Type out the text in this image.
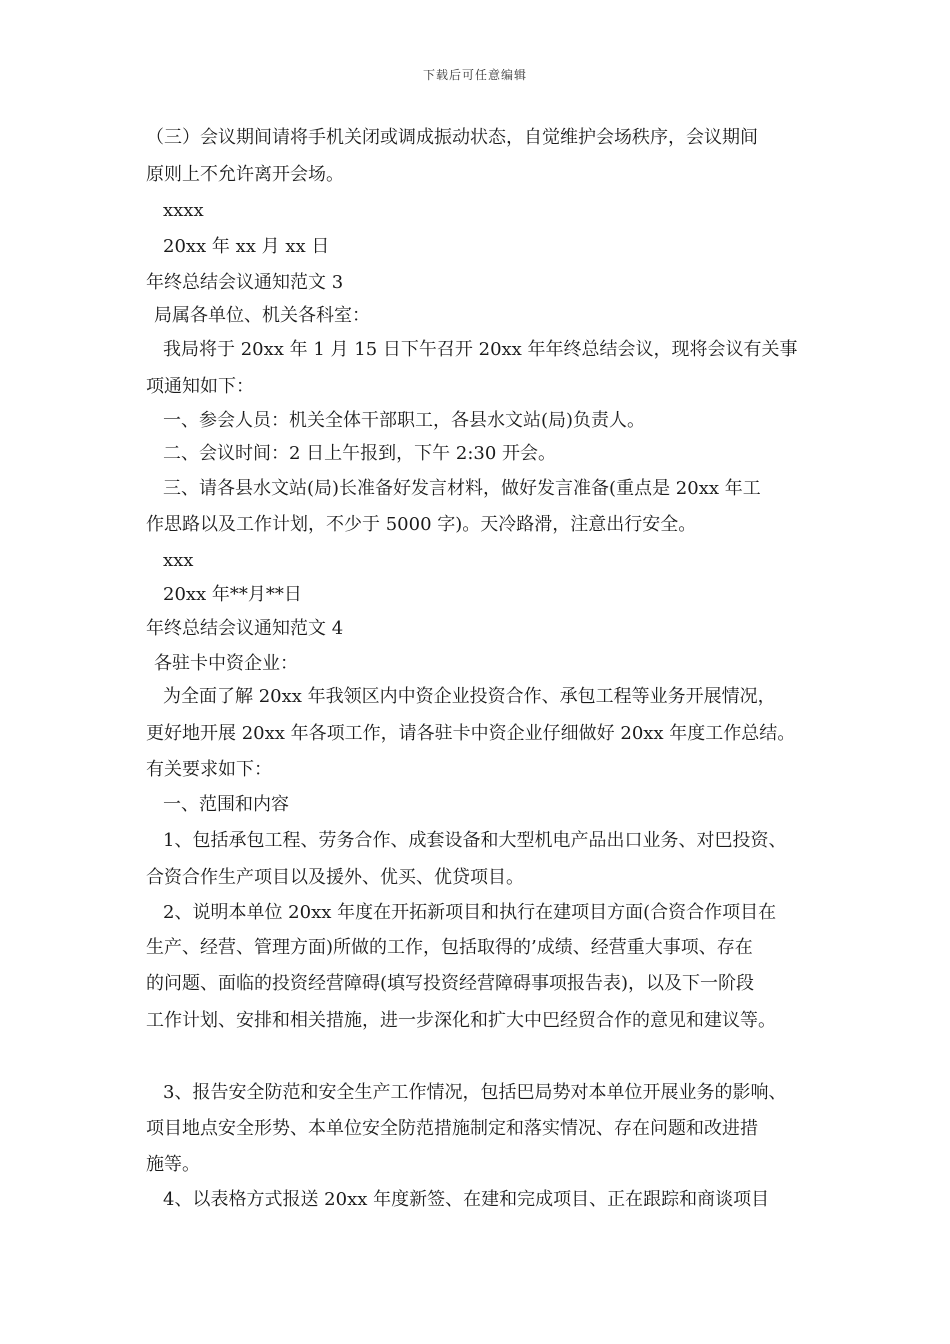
下载后可任意编辑
（三）会议期间请将手机关闭或调成振动状态，自觉维护会场秩序，会议期间
原则上不允许离开会场。
xxxx
20xx 年 xx 月 xx 日
年终总结会议通知范文 3
局属各单位、机关各科室：
我局将于 20xx 年 1 月 15 日下午召开 20xx 年年终总结会议，现将会议有关事
项通知如下：
一、参会人员：机关全体干部职工，各县水文站(局)负责人。
二、会议时间：2 日上午报到，下午 2:30 开会。
三、请各县水文站(局)长准备好发言材料，做好发言准备(重点是 20xx 年工
作思路以及工作计划，不少于 5000 字)。天冷路滑，注意出行安全。
xxx
20xx 年**月**日
年终总结会议通知范文 4
各驻卡中资企业：
为全面了解 20xx 年我领区内中资企业投资合作、承包工程等业务开展情况，
更好地开展 20xx 年各项工作，请各驻卡中资企业仔细做好 20xx 年度工作总结。
有关要求如下：
一、范围和内容
1、包括承包工程、劳务合作、成套设备和大型机电产品出口业务、对巴投资、
合资合作生产项目以及援外、优买、优贷项目。
2、说明本单位 20xx 年度在开拓新项目和执行在建项目方面(合资合作项目在
生产、经营、管理方面)所做的工作，包括取得的’成绩、经营重大事项、存在
的问题、面临的投资经营障碍(填写投资经营障碍事项报告表)，以及下一阶段
工作计划、安排和相关措施，进一步深化和扩大中巴经贸合作的意见和建议等。
3、报告安全防范和安全生产工作情况，包括巴局势对本单位开展业务的影响、
项目地点安全形势、本单位安全防范措施制定和落实情况、存在问题和改进措
施等。
4、以表格方式报送 20xx 年度新签、在建和完成项目、正在跟踪和商谈项目
